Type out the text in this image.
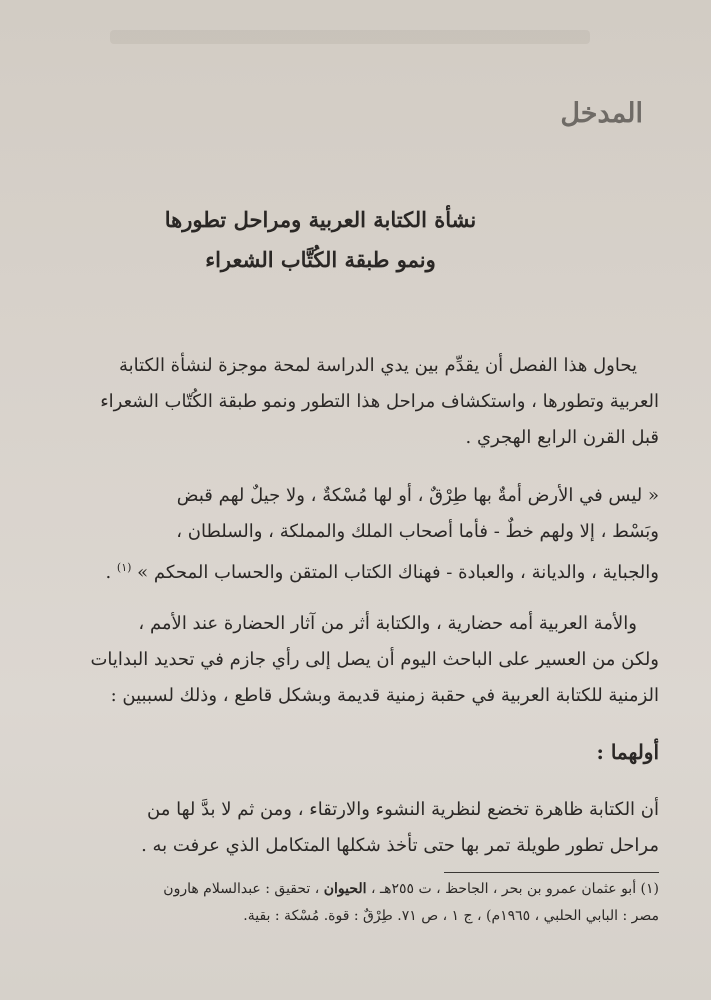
المدخل
نشأة الكتابة العربية ومراحل تطورها
ونمو طبقة الكُتَّاب الشعراء

يحاول هذا الفصل أن يقدِّم بين يدي الدراسة لمحة موجزة لنشأة الكتابة

العربية وتطورها ، واستكشاف مراحل هذا التطور ونمو طبقة الكُتّاب الشعراء

قبل القرن الرابع الهجري .

« ليس في الأرض أمةٌ بها طِرْقٌ ، أو لها مُسْكةٌ ، ولا جيلٌ لهم قبض

وبَسْط ، إلا ولهم خطٌ - فأما أصحاب الملك والمملكة ، والسلطان ،

والجباية ، والديانة ، والعبادة - فهناك الكتاب المتقن والحساب المحكم » $^{(١)}$ .

والأمة العربية أمه حضارية ، والكتابة أثر من آثار الحضارة عند الأمم ،

ولكن من العسير على الباحث اليوم أن يصل إلى رأي جازم في تحديد البدايات

الزمنية للكتابة العربية في حقبة زمنية قديمة وبشكل قاطع ، وذلك لسببين :

أولهما :

أن الكتابة ظاهرة تخضع لنظرية النشوء والارتقاء ، ومن ثم لا بدَّ لها من

مراحل تطور طويلة تمر بها حتى تأخذ شكلها المتكامل الذي عرفت به .

(١) أبو عثمان عمرو بن بحر ، الجاحظ ، ت ٢٥٥هـ ، الحيوان ، تحقيق : عبدالسلام هارون

مصر : البابي الحلبي ، ١٩٦٥م) ، ج ١ ، ص ٧١. طِرْقٌ : قوة. مُسْكة : بقية.
